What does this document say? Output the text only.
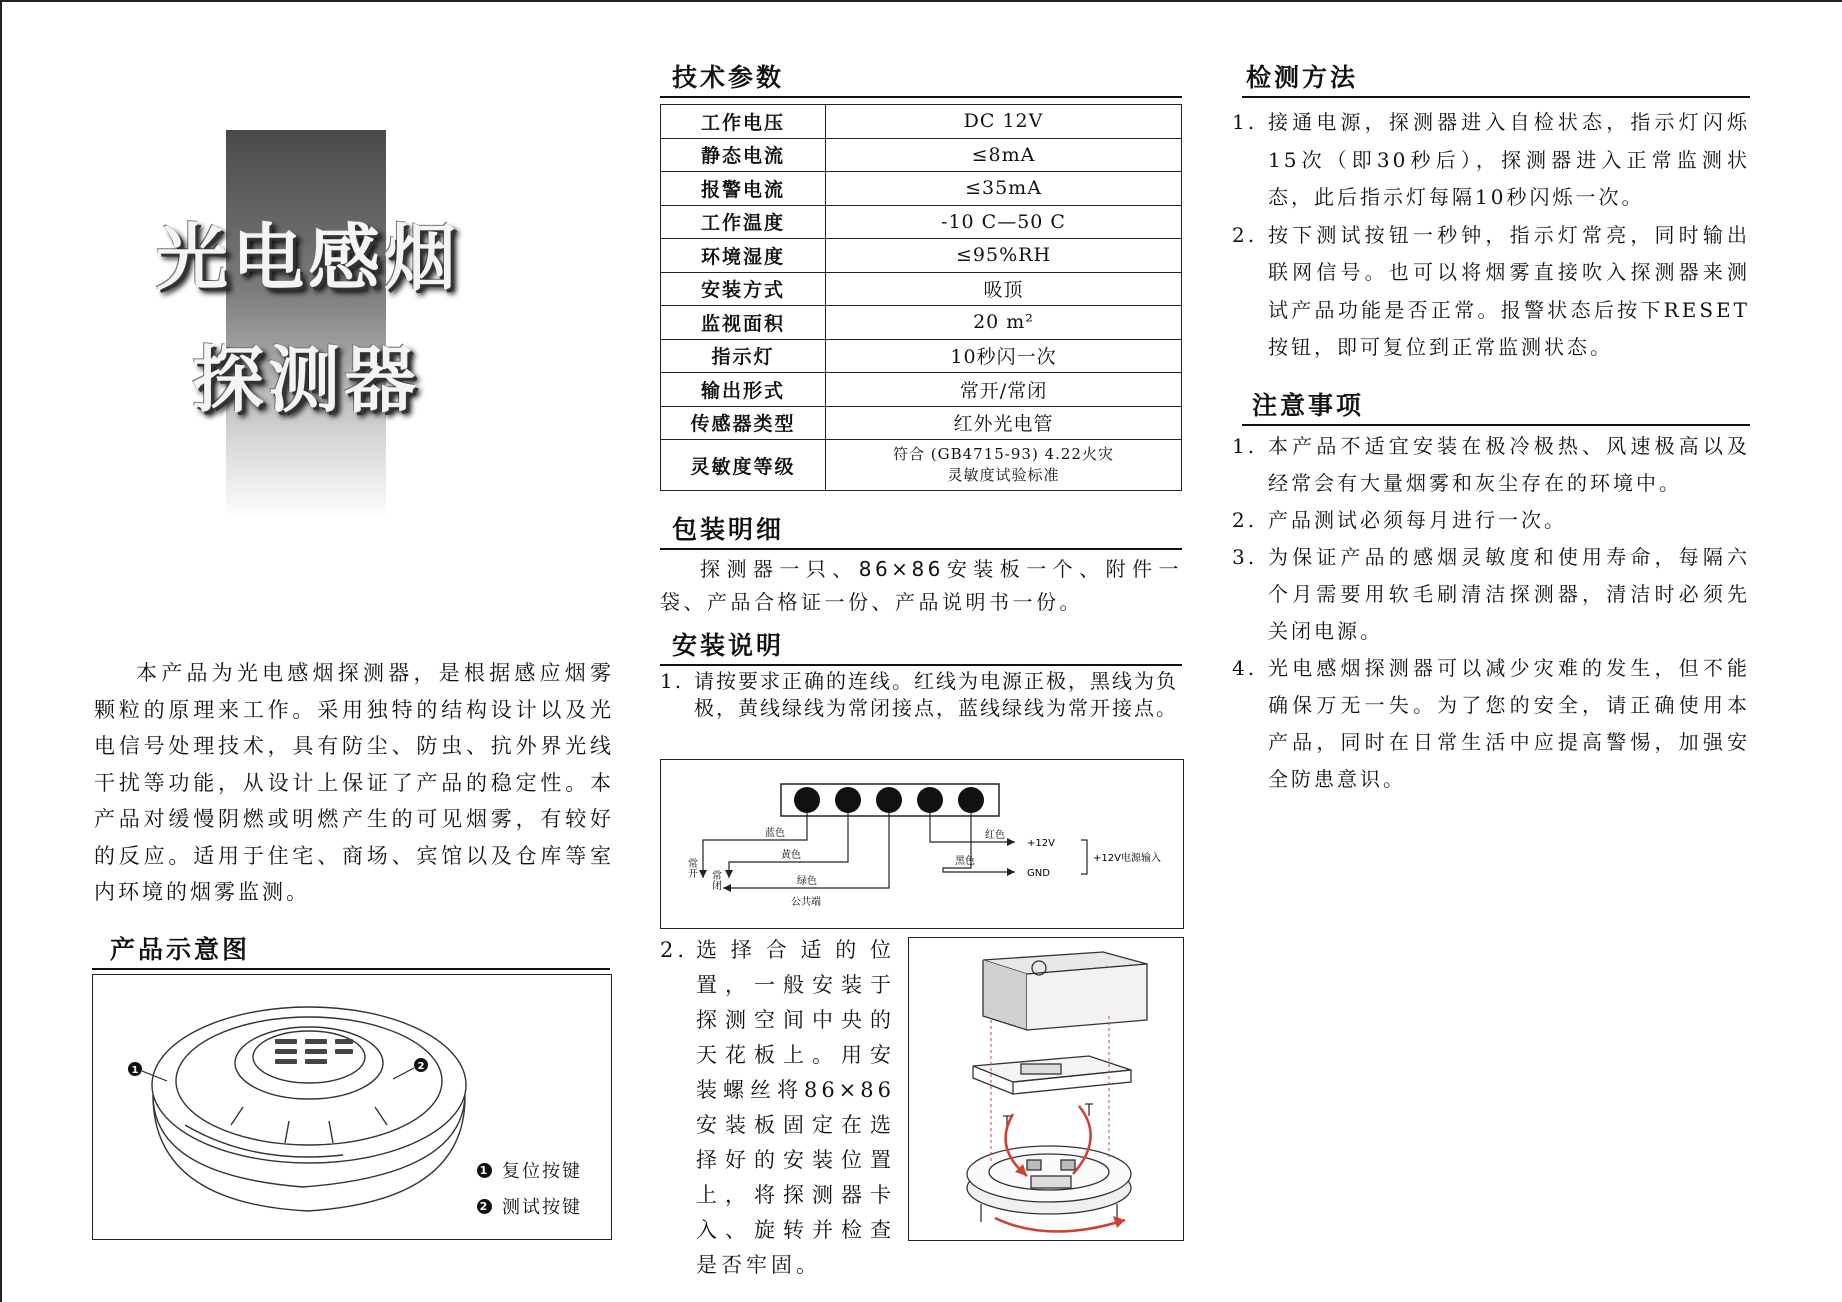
光电感烟
探测器

本产品为光电感烟探测器，是根据感应烟雾颗粒的原理来工作。采用独特的结构设计以及光电信号处理技术，具有防尘、防虫、抗外界光线干扰等功能，从设计上保证了产品的稳定性。本产品对缓慢阴燃或明燃产生的可见烟雾，有较好的反应。适用于住宅、商场、宾馆以及仓库等室内环境的烟雾监测。

产品示意图
1	2
1 复位按键
2 测试按键
技术参数
工作电压	DC 12V
静态电流	≤8mA
报警电流	≤35mA
工作温度	-10 C—50 C
环境湿度	≤95%RH
安装方式	吸顶
监视面积	20 m²
指示灯	10秒闪一次
输出形式	常开/常闭
传感器类型	红外光电管
灵敏度等级	符合 (GB4715-93) 4.22火灾
灵敏度试验标准
包装明细

探测器一只、86×86安装板一个、附件一袋、产品合格证一份、产品说明书一份。

安装说明
1. 请按要求正确的连线。红线为电源正极，黑线为负极，黄线绿线为常闭接点，蓝线绿线为常开接点。
蓝色
黄色
绿色
红色
黑色
+12V
GND
+12V电源输入
常开
常闭
公共端
2. 选择合适的位置，一般安装于探测空间中央的天花板上。用安装螺丝将86×86安装板固定在选择好的安装位置上，将探测器卡入、旋转并检查是否牢固。
检测方法
1. 接通电源，探测器进入自检状态，指示灯闪烁15次（即30秒后），探测器进入正常监测状态，此后指示灯每隔10秒闪烁一次。
2. 按下测试按钮一秒钟，指示灯常亮，同时输出联网信号。也可以将烟雾直接吹入探测器来测试产品功能是否正常。报警状态后按下RESET按钮，即可复位到正常监测状态。
注意事项
1. 本产品不适宜安装在极冷极热、风速极高以及经常会有大量烟雾和灰尘存在的环境中。
2. 产品测试必须每月进行一次。
3. 为保证产品的感烟灵敏度和使用寿命，每隔六个月需要用软毛刷清洁探测器，清洁时必须先关闭电源。
4. 光电感烟探测器可以减少灾难的发生，但不能确保万无一失。为了您的安全，请正确使用本产品，同时在日常生活中应提高警惕，加强安全防患意识。
